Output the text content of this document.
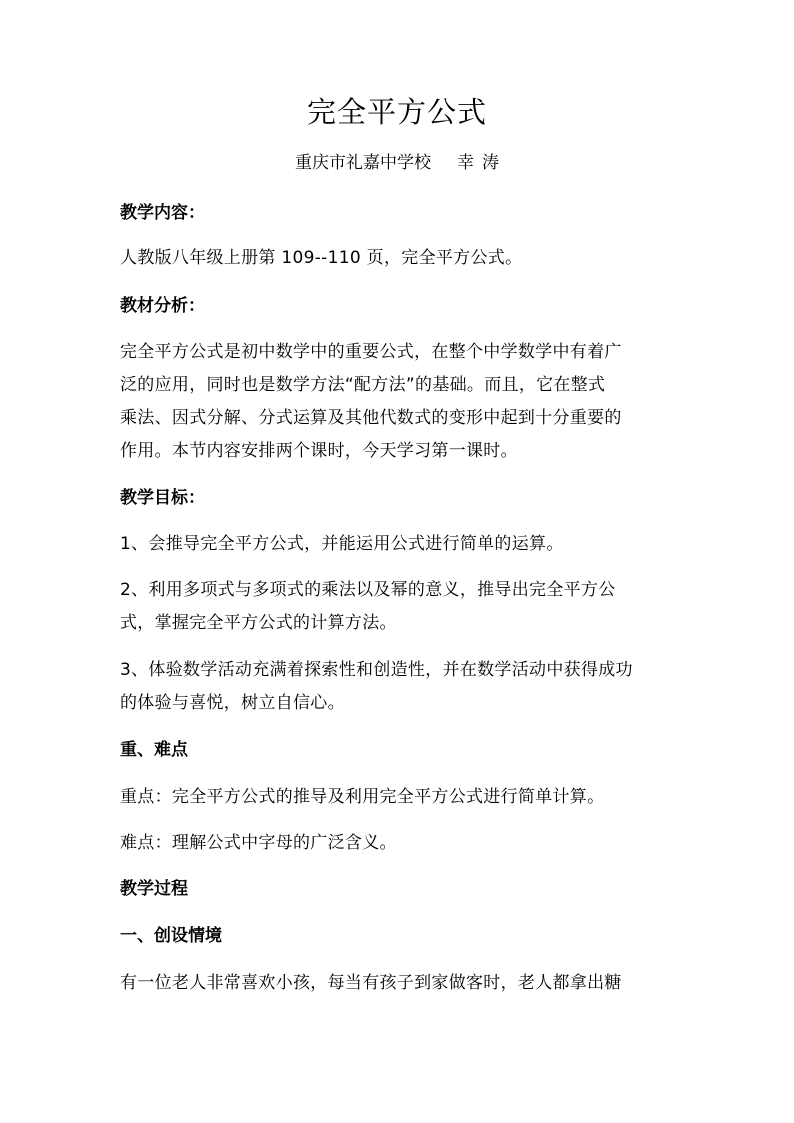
完全平方公式
重庆市礼嘉中学校 幸 涛
教学内容：
人教版八年级上册第 109--110 页，完全平方公式。
教材分析：
完全平方公式是初中数学中的重要公式，在整个中学数学中有着广
泛的应用，同时也是数学方法“配方法”的基础。而且，它在整式
乘法、因式分解、分式运算及其他代数式的变形中起到十分重要的
作用。本节内容安排两个课时，今天学习第一课时。
教学目标：
1、会推导完全平方公式，并能运用公式进行简单的运算。
2、利用多项式与多项式的乘法以及幂的意义，推导出完全平方公
式，掌握完全平方公式的计算方法。
3、体验数学活动充满着探索性和创造性，并在数学活动中获得成功
的体验与喜悦，树立自信心。
重、难点
重点：完全平方公式的推导及利用完全平方公式进行简单计算。
难点：理解公式中字母的广泛含义。
教学过程
一、创设情境
有一位老人非常喜欢小孩，每当有孩子到家做客时，老人都拿出糖
